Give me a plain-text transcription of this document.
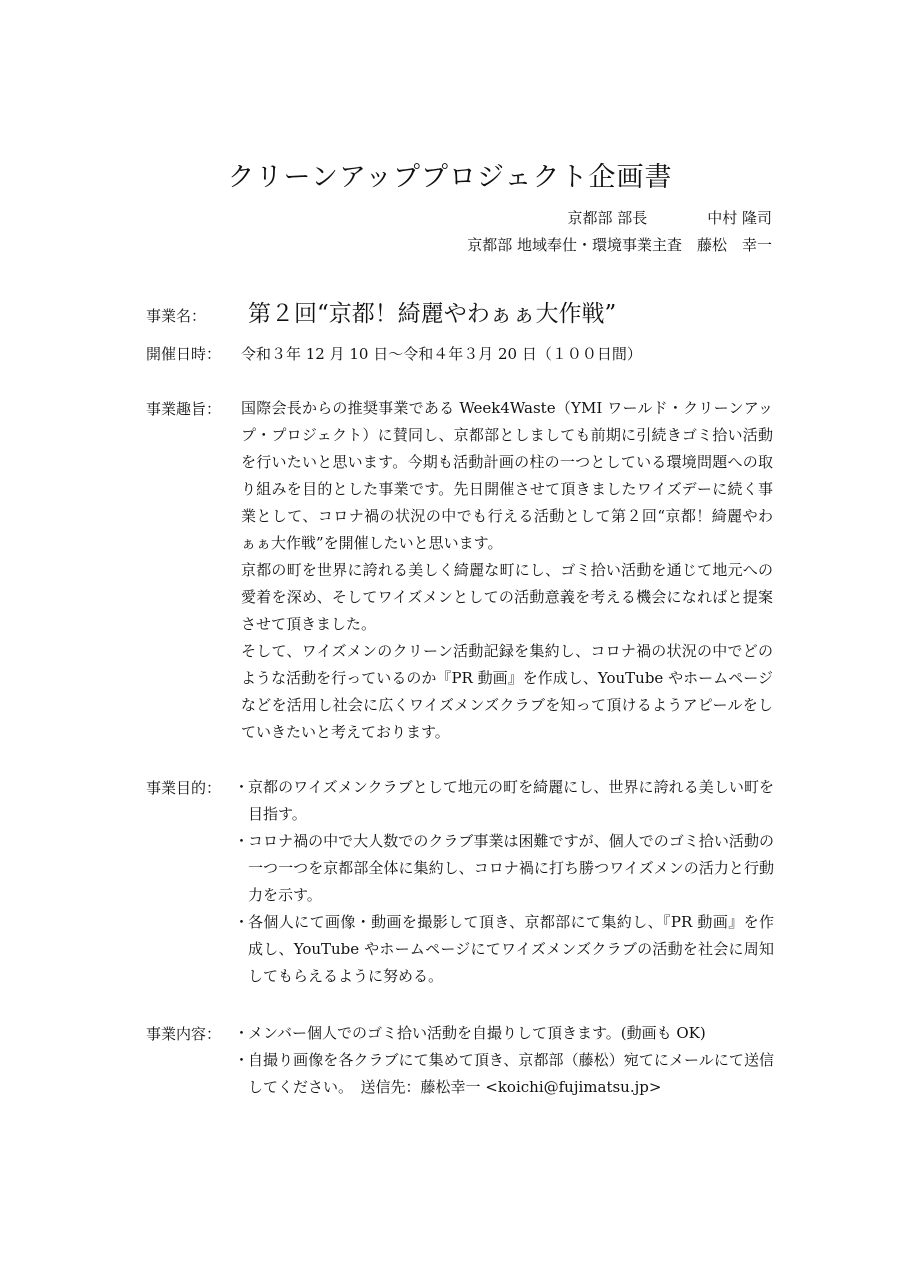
クリーンアッププロジェクト企画書
京都部 部長　　　　中村 隆司
京都部 地域奉仕・環境事業主査　藤松　幸一
事業名： 第２回“京都！綺麗やわぁぁ大作戦”
開催日時： 令和３年 12 月 10 日～令和４年３月 20 日（１００日間）
事業趣旨： 国際会長からの推奨事業である Week4Waste（YMI ワールド・クリーンアップ・プロジェクト）に賛同し、京都部としましても前期に引続きゴミ拾い活動を行いたいと思います。今期も活動計画の柱の一つとしている環境問題への取り組みを目的とした事業です。先日開催させて頂きましたワイズデーに続く事業として、コロナ禍の状況の中でも行える活動として第２回“京都！綺麗やわぁぁ大作戦”を開催したいと思います。

京都の町を世界に誇れる美しく綺麗な町にし、ゴミ拾い活動を通じて地元への愛着を深め、そしてワイズメンとしての活動意義を考える機会になればと提案させて頂きました。

そして、ワイズメンのクリーン活動記録を集約し、コロナ禍の状況の中でどのような活動を行っているのか『PR 動画』を作成し、YouTube やホームページなどを活用し社会に広くワイズメンズクラブを知って頂けるようアピールをしていきたいと考えております。

事業目的： ・
京都のワイズメンクラブとして地元の町を綺麗にし、世界に誇れる美しい町を目指す。
・
コロナ禍の中で大人数でのクラブ事業は困難ですが、個人でのゴミ拾い活動の一つ一つを京都部全体に集約し、コロナ禍に打ち勝つワイズメンの活力と行動力を示す。
・
各個人にて画像・動画を撮影して頂き、京都部にて集約し、『PR 動画』を作成し、YouTube やホームページにてワイズメンズクラブの活動を社会に周知してもらえるように努める。
事業内容： ・
メンバー個人でのゴミ拾い活動を自撮りして頂きます。(動画も OK)
・
自撮り画像を各クラブにて集めて頂き、京都部（藤松）宛てにメールにて送信してください。　送信先：藤松幸一 <koichi@fujimatsu.jp>
